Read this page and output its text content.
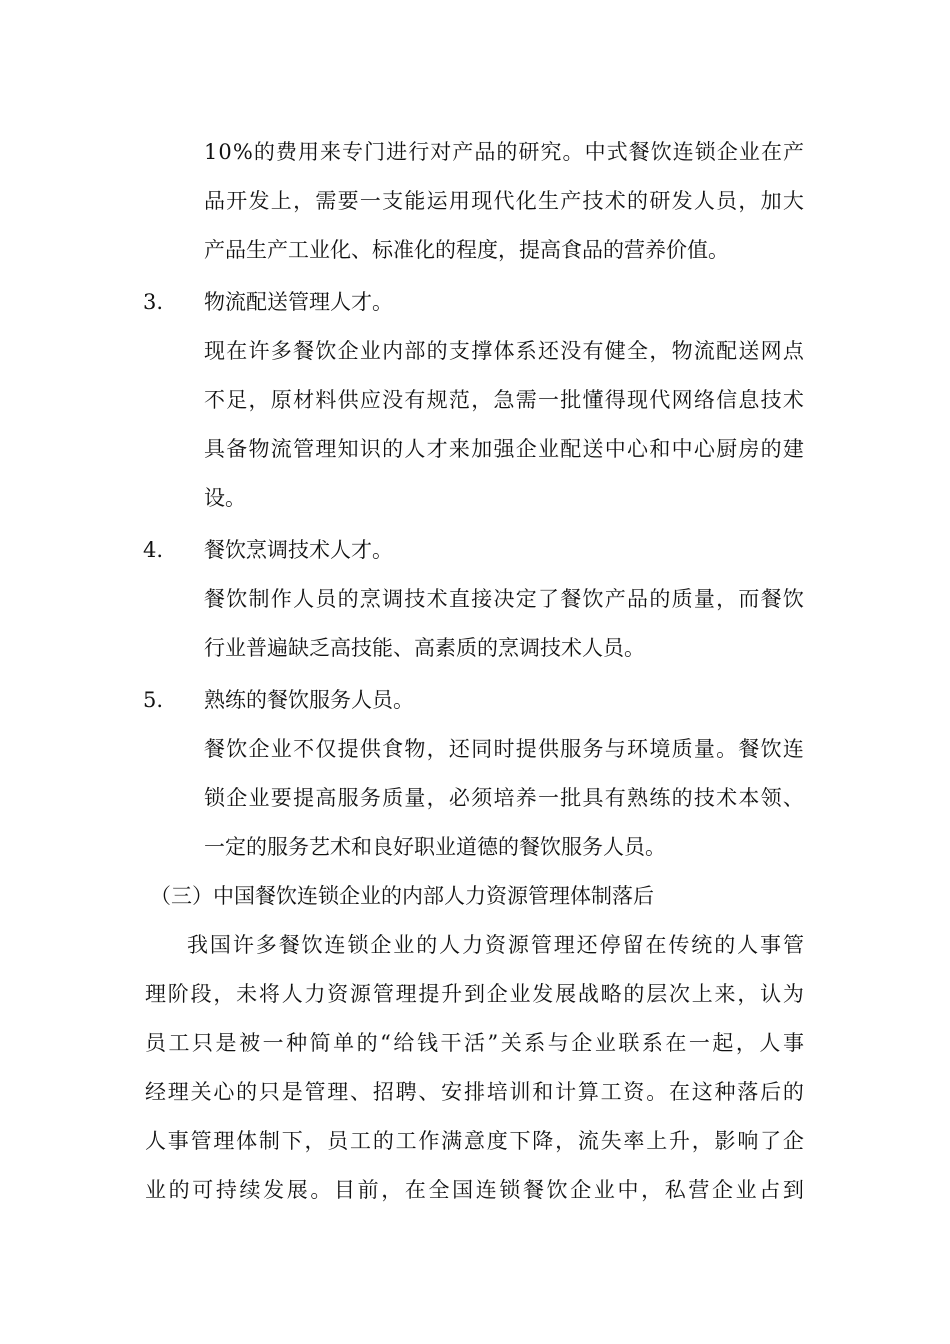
1 0 % 的 费 用 来 专 门 进 行 对 产 品 的 研 究 。 中 式 餐 饮 连 锁 企 业 在 产
品 开 发 上 ， 需 要 一 支 能 运 用 现 代 化 生 产 技 术 的 研 发 人 员 ， 加 大
产品生产工业化、标准化的程度，提高食品的营养价值。
3.	物流配送管理人才。
现 在 许 多 餐 饮 企 业 内 部 的 支 撑 体 系 还 没 有 健 全 ， 物 流 配 送 网 点
不 足 ， 原 材 料 供 应 没 有 规 范 ， 急 需 一 批 懂 得 现 代 网 络 信 息 技 术
具 备 物 流 管 理 知 识 的 人 才 来 加 强 企 业 配 送 中 心 和 中 心 厨 房 的 建
设。
4.	餐饮烹调技术人才。
餐 饮 制 作 人 员 的 烹 调 技 术 直 接 决 定 了 餐 饮 产 品 的 质 量 ， 而 餐 饮
行业普遍缺乏高技能、高素质的烹调技术人员。
5.	熟练的餐饮服务人员。
餐 饮 企 业 不 仅 提 供 食 物 ， 还 同 时 提 供 服 务 与 环 境 质 量 。 餐 饮 连
锁 企 业 要 提 高 服 务 质 量 ， 必 须 培 养 一 批 具 有 熟 练 的 技 术 本 领 、
一定的服务艺术和良好职业道德的餐饮服务人员。
（三）中国餐饮连锁企业的内部人力资源管理体制落后
我 国 许 多 餐 饮 连 锁 企 业 的 人 力 资 源 管 理 还 停 留 在 传 统 的 人 事 管
理 阶 段 ， 未 将 人 力 资 源 管 理 提 升 到 企 业 发 展 战 略 的 层 次 上 来 ， 认 为
员 工 只 是 被 一 种 简 单 的 “ 给 钱 干 活 ” 关 系 与 企 业 联 系 在 一 起 ， 人 事
经 理 关 心 的 只 是 管 理 、 招 聘 、 安 排 培 训 和 计 算 工 资 。 在 这 种 落 后 的
人 事 管 理 体 制 下 ， 员 工 的 工 作 满 意 度 下 降 ， 流 失 率 上 升 ， 影 响 了 企
业 的 可 持 续 发 展 。 目 前 ， 在 全 国 连 锁 餐 饮 企 业 中 ， 私 营 企 业 占 到
